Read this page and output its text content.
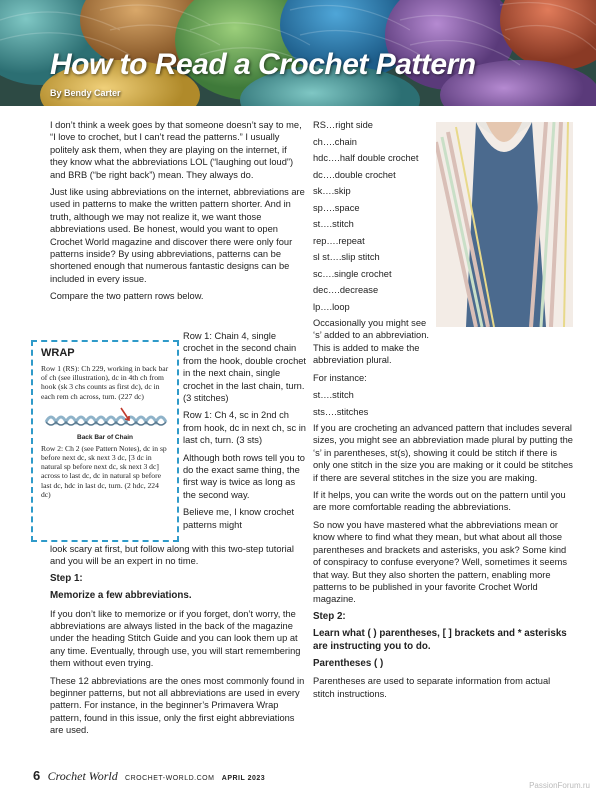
How to Read a Crochet Pattern
By Bendy Carter

I don’t think a week goes by that someone doesn’t say to me, “I love to crochet, but I can’t read the patterns.” I usually politely ask them, when they are playing on the internet, if they know what the abbreviations LOL (“laughing out loud”) and BRB (“be right back”) mean. They always do.

Just like using abbreviations on the internet, abbreviations are used in patterns to make the written pattern shorter. And in truth, although we may not realize it, we want those abbreviations used. Be honest, would you want to open Crochet World magazine and discover there were only four patterns inside? By using abbreviations, patterns can be shortened enough that numerous fantastic designs can be included in every issue.

Compare the two pattern rows below.

WRAP

Row 1 (RS): Ch 229, working in back bar of ch (see illustration), dc in 4th ch from hook (sk 3 chs counts as first dc), dc in each rem ch across, turn. (227 dc)

Back Bar of Chain

Row 2: Ch 2 (see Pattern Notes), dc in sp before next dc, sk next 3 dc, [3 dc in natural sp before next dc, sk next 3 dc] across to last dc, dc in natural sp before last dc, hdc in last dc, turn. (2 hdc, 224 dc)

Row 1: Chain 4, single crochet in the second chain from the hook, double crochet in the next chain, single crochet in the last chain, turn. (3 stitches)

Row 1: Ch 4, sc in 2nd ch from hook, dc in next ch, sc in last ch, turn. (3 sts)

Although both rows tell you to do the exact same thing, the first way is twice as long as the second way.

Believe me, I know crochet patterns might

look scary at first, but follow along with this two-step tutorial and you will be an expert in no time.

Step 1:

Memorize a few abbreviations.

If you don’t like to memorize or if you forget, don’t worry, the abbreviations are always listed in the back of the magazine under the heading Stitch Guide and you can look them up at any time. Eventually, through use, you will start remembering them without even trying.

These 12 abbreviations are the ones most commonly found in beginner patterns, but not all abbreviations are used in every pattern. For instance, in the beginner’s Primavera Wrap pattern, found in this issue, only the first eight abbreviations are used.

RS…right side
ch….chain
hdc….half double crochet
dc….double crochet
sk….skip
sp….space
st….stitch
rep….repeat
sl st….slip stitch
sc….single crochet
dec….decrease
lp….loop

Occasionally you might see ‘s’ added to an abbreviation. This is added to make the abbreviation plural.

For instance:

st….stitch
sts….stitches

If you are crocheting an advanced pattern that includes several sizes, you might see an abbreviation made plural by putting the ‘s’ in parentheses, st(s), showing it could be stitch if there is only one stitch in the size you are making or it could be stitches if there are several stitches in the size you are making.

If it helps, you can write the words out on the pattern until you are more comfortable reading the abbreviations.

So now you have mastered what the abbreviations mean or know where to find what they mean, but what about all those parentheses and brackets and asterisks, you ask? Some kind of conspiracy to confuse everyone? Well, sometimes it seems that way. But they also shorten the pattern, enabling more patterns to be published in your favorite Crochet World magazine.

Step 2:

Learn what ( ) parentheses, [ ] brackets and * asterisks are instructing you to do.

Parentheses ( )

Parentheses are used to separate information from actual stitch instructions.

6 Crochet World CROCHET-WORLD.COM APRIL 2023
PassionForum.ru
